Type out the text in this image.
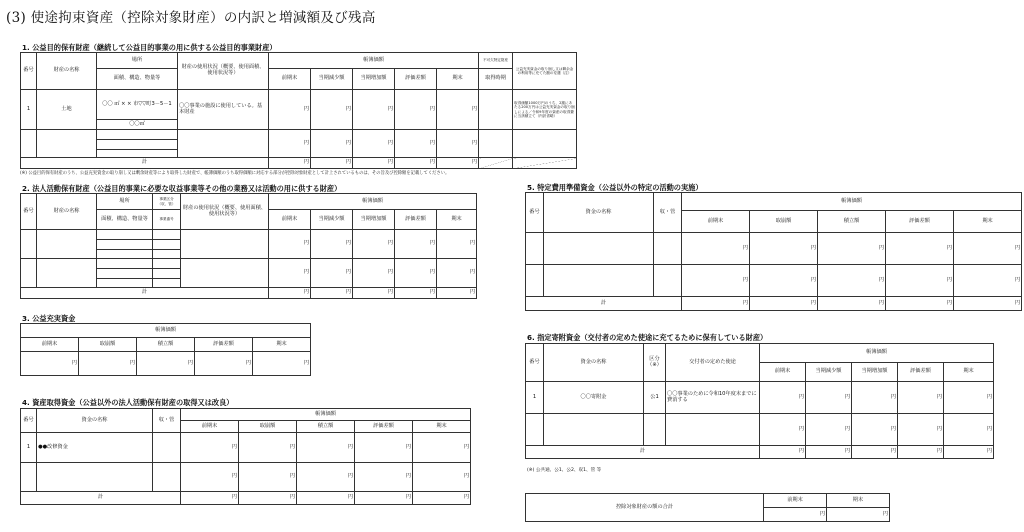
(3) 使途拘束資産（控除対象財産）の内訳と増減額及び残高
1. 公益目的保有財産（継続して公益目的事業の用に供する公益目的事業財産）
番号	財産の名称	場所	財産の使用状況（概要、使用面積、使用状況等）	帳簿価額					不可欠特定財産	公益充実資金の取り崩し又は剰余金の利用等に充てた額の変遷（注）
		面積、構造、物量等		前期末	当期減少額	当期増加額	評価差額	期末	取得時期	
1	土地	〇〇 ㎡ × × 市▽▽町3－5－1	〇〇事業の施設に使用している。基本財産	円	円	円	円	円		取得価額1000万円のうち、2割にあたる200万円は公益充実資金の取り崩しによる／令和9年度の資産の取得費に当該積立て（内訳省略）
		〇〇㎡								
				円	円	円	円	円		

計				円	円	円	円	円		
(※) 公益目的保有財産のうち、公益充実資金の取り崩し又は剰余財産等により取得した財産で、帳簿価額のうち取得価額に対応する部分が控除対象財産として計上されているものは、その旨及び控除額を記載してください。
2. 法人活動保有財産（公益目的事業に必要な収益事業等その他の業務又は活動の用に供する財産）
番号	財産の名称	場所	事業区分（収、管）	財産の使用状況（概要、使用面積、使用状況等）	帳簿価額				
		面積、構造、物量等	事業番号		前期末	当期減少額	当期増加額	評価差額	期末
					円	円	円	円	円

					円	円	円	円	円

計					円	円	円	円	円
3. 公益充実資金
帳簿価額				
前期末	取崩額	積立額	評価差額	期末
円	円	円	円	円
4. 資産取得資金（公益以外の法人活動保有財産の取得又は改良）
番号	資金の名称	収・管	帳簿価額				
			前期末	取崩額	積立額	評価差額	期末
1	●●改修資金		円	円	円	円	円
			円	円	円	円	円
計			円	円	円	円	円
5. 特定費用準備資金（公益以外の特定の活動の実施）
番号	資金の名称	収・管	帳簿価額				
			前期末	取崩額	積立額	評価差額	期末
			円	円	円	円	円
			円	円	円	円	円
計			円	円	円	円	円
6. 指定寄附資金（交付者の定めた使途に充てるために保有している財産）
番号	資金の名称	区分（※）	交付者の定めた使途	帳簿価額				
				前期末	当期減少額	当期増加額	評価差額	期末
1	〇〇寄附金	公1	〇〇事業のために令和10年度末までに費消する	円	円	円	円	円
				円	円	円	円	円
計				円	円	円	円	円
(※) 公共通、公1、公2、収1、管 等
控除対象財産の額の合計	前期末	期末
	円	円
